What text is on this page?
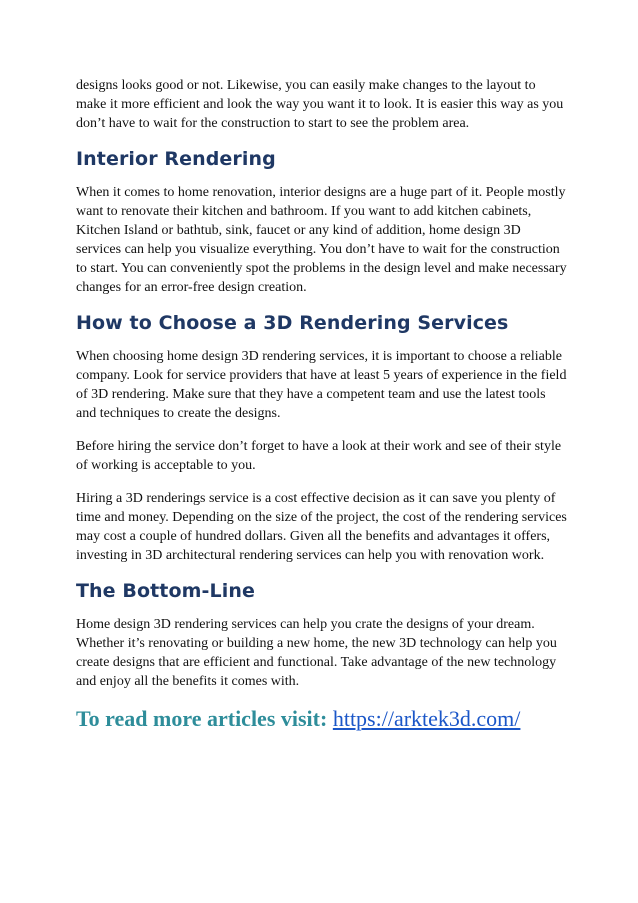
designs looks good or not. Likewise, you can easily make changes to the layout to make it more efficient and look the way you want it to look. It is easier this way as you don’t have to wait for the construction to start to see the problem area.

Interior Rendering

When it comes to home renovation, interior designs are a huge part of it. People mostly want to renovate their kitchen and bathroom. If you want to add kitchen cabinets, Kitchen Island or bathtub, sink, faucet or any kind of addition, home design 3D services can help you visualize everything. You don’t have to wait for the construction to start. You can conveniently spot the problems in the design level and make necessary changes for an error-free design creation.

How to Choose a 3D Rendering Services

When choosing home design 3D rendering services, it is important to choose a reliable company. Look for service providers that have at least 5 years of experience in the field of 3D rendering. Make sure that they have a competent team and use the latest tools and techniques to create the designs.

Before hiring the service don’t forget to have a look at their work and see of their style of working is acceptable to you.

Hiring a 3D renderings service is a cost effective decision as it can save you plenty of time and money. Depending on the size of the project, the cost of the rendering services may cost a couple of hundred dollars. Given all the benefits and advantages it offers, investing in 3D architectural rendering services can help you with renovation work.

The Bottom-Line

Home design 3D rendering services can help you crate the designs of your dream. Whether it’s renovating or building a new home, the new 3D technology can help you create designs that are efficient and functional. Take advantage of the new technology and enjoy all the benefits it comes with.

To read more articles visit: https://arktek3d.com/
